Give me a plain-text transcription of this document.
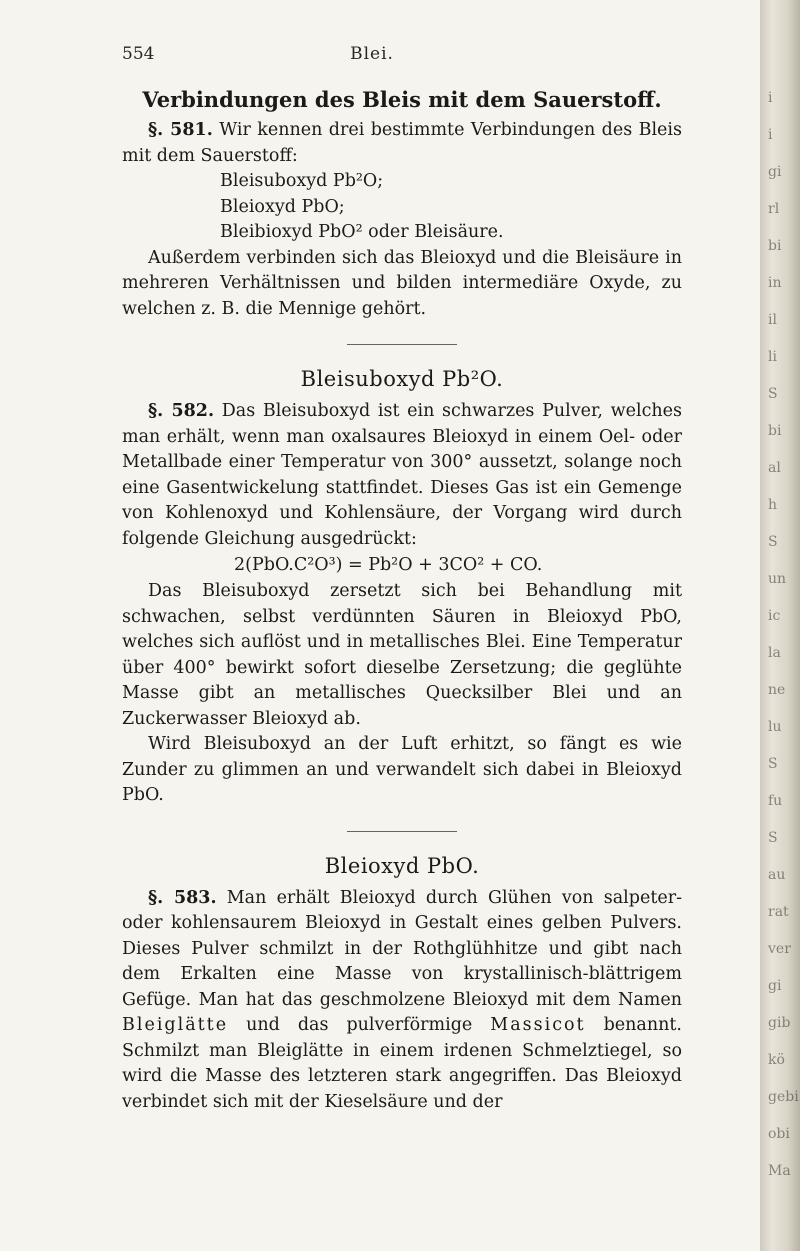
554	Blei.
Verbindungen des Bleis mit dem Sauerstoff.

§. 581. Wir kennen drei bestimmte Verbindungen des Bleis mit dem Sauerstoff:

Bleisuboxyd Pb²O;
Bleioxyd PbO;
Bleibioxyd PbO² oder Bleisäure.

Außerdem verbinden sich das Bleioxyd und die Bleisäure in mehreren Verhältnissen und bilden intermediäre Oxyde, zu welchen z. B. die Mennige gehört.

Bleisuboxyd Pb²O.

§. 582. Das Bleisuboxyd ist ein schwarzes Pulver, welches man erhält, wenn man oxalsaures Bleioxyd in einem Oel- oder Metallbade einer Temperatur von 300° aussetzt, solange noch eine Gasentwickelung stattfindet. Dieses Gas ist ein Gemenge von Kohlenoxyd und Kohlensäure, der Vorgang wird durch folgende Gleichung ausgedrückt:

2(PbO.C²O³) = Pb²O + 3CO² + CO.

Das Bleisuboxyd zersetzt sich bei Behandlung mit schwachen, selbst verdünnten Säuren in Bleioxyd PbO, welches sich auflöst und in metallisches Blei. Eine Temperatur über 400° bewirkt sofort dieselbe Zersetzung; die geglühte Masse gibt an metallisches Quecksilber Blei und an Zuckerwasser Bleioxyd ab.

Wird Bleisuboxyd an der Luft erhitzt, so fängt es wie Zunder zu glimmen an und verwandelt sich dabei in Bleioxyd PbO.

Bleioxyd PbO.

§. 583. Man erhält Bleioxyd durch Glühen von salpeter- oder kohlensaurem Bleioxyd in Gestalt eines gelben Pulvers. Dieses Pulver schmilzt in der Rothglühhitze und gibt nach dem Erkalten eine Masse von krystallinisch-blättrigem Gefüge. Man hat das geschmolzene Bleioxyd mit dem Namen Bleiglätte und das pulverförmige Massicot benannt. Schmilzt man Bleiglätte in einem irdenen Schmelztiegel, so wird die Masse des letzteren stark angegriffen. Das Bleioxyd verbindet sich mit der Kieselsäure und der

i
i
gi
rl
bi
in
il
li
S
bi
al
h
S
un
ic
la
ne
lu
S
fu
S
au
rat
ver
gi
gib
kö
gebi
obi
Ma
